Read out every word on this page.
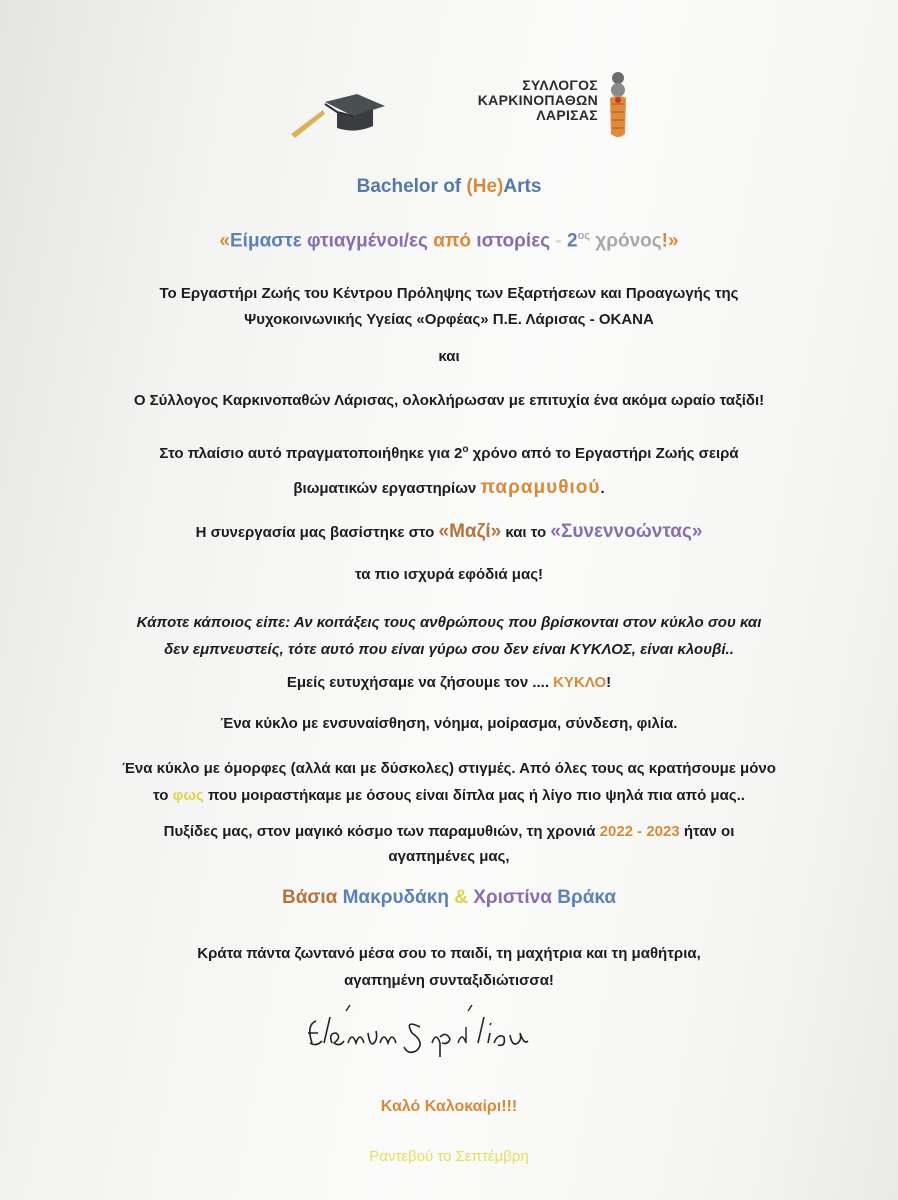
ΣΥΛΛΟΓΟΣ
ΚΑΡΚΙΝΟΠΑΘΩΝ
ΛΑΡΙΣΑΣ
Bachelor of (He)Arts
«Είμαστε φτιαγμένοι/ες από ιστορίες - $2^{o\varsigma}$ χρόνος!»
Το Εργαστήρι Ζωής του Κέντρου Πρόληψης των Εξαρτήσεων και Προαγωγής της
Ψυχοκοινωνικής Υγείας «Ορφέας» Π.Ε. Λάρισας - ΟΚΑΝΑ
και
Ο Σύλλογος Καρκινοπαθών Λάρισας, ολοκλήρωσαν με επιτυχία ένα ακόμα ωραίο ταξίδι!
Στο πλαίσιο αυτό πραγματοποιήθηκε για $2^o$ χρόνο από το Εργαστήρι Ζωής σειρά
βιωματικών εργαστηρίων παραμυθιού.
Η συνεργασία μας βασίστηκε στο «Μαζί» και το «Συνεννοώντας»
τα πιο ισχυρά εφόδιά μας!
Κάποτε κάποιος είπε: Αν κοιτάξεις τους ανθρώπους που βρίσκονται στον κύκλο σου και
δεν εμπνευστείς, τότε αυτό που είναι γύρω σου δεν είναι ΚΥΚΛΟΣ, είναι κλουβί..
Εμείς ευτυχήσαμε να ζήσουμε τον .... ΚΥΚΛΟ!
Ένα κύκλο με ενσυναίσθηση, νόημα, μοίρασμα, σύνδεση, φιλία.
Ένα κύκλο με όμορφες (αλλά και με δύσκολες) στιγμές. Από όλες τους ας κρατήσουμε μόνο
το φως που μοιραστήκαμε με όσους είναι δίπλα μας ή λίγο πιο ψηλά πια από μας..
Πυξίδες μας, στον μαγικό κόσμο των παραμυθιών, τη χρονιά 2022 - 2023 ήταν οι
αγαπημένες μας,
Βάσια Μακρυδάκη & Χριστίνα Βράκα
Κράτα πάντα ζωντανό μέσα σου το παιδί, τη μαχήτρια και τη μαθήτρια,
αγαπημένη συνταξιδιώτισσα!
Καλό Καλοκαίρι!!!
Ραντεβού το Σεπτέμβρη
